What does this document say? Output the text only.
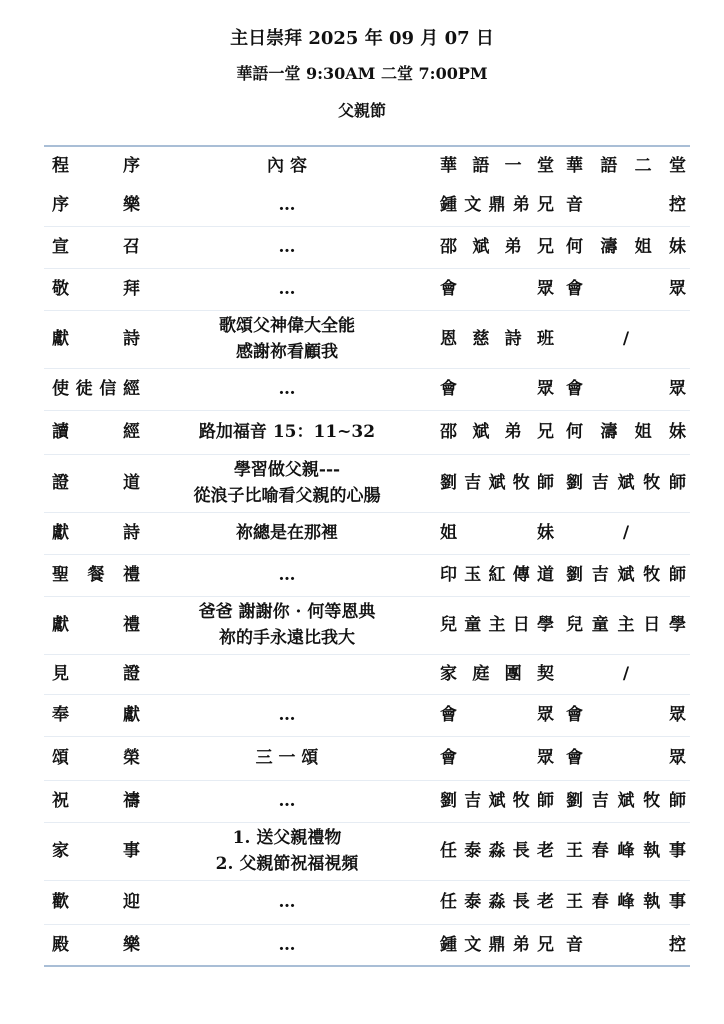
主日崇拜 2025 年 09 月 07 日
華語一堂 9:30AM 二堂 7:00PM
父親節
程 序	內 容	華 語 一 堂	華 語 二 堂

序樂	…	鍾文鼎弟兄	音控

宣召	…	邵斌弟兄	何濤姐妹

敬拜	…	會眾	會眾

獻詩	歌頌父神偉大全能
感謝祢看顧我	恩慈詩班	/

使徒信經	…	會眾	會眾

讀經	路加福音 15：11~32	邵斌弟兄	何濤姐妹

證道	學習做父親---
從浪子比喻看父親的心腸	劉吉斌牧師	劉吉斌牧師

獻詩	祢總是在那裡	姐妹	/

聖餐禮	…	印玉紅傳道	劉吉斌牧師

獻禮	爸爸 謝謝你 · 何等恩典
祢的手永遠比我大	兒童主日學	兒童主日學

見證		家庭團契	/

奉獻	…	會眾	會眾

頌榮	三 一 頌	會眾	會眾

祝禱	…	劉吉斌牧師	劉吉斌牧師

家事	1. 送父親禮物
2. 父親節祝福視頻	任泰淼長老	王春峰執事

歡迎	…	任泰淼長老	王春峰執事

殿樂	…	鍾文鼎弟兄	音控
